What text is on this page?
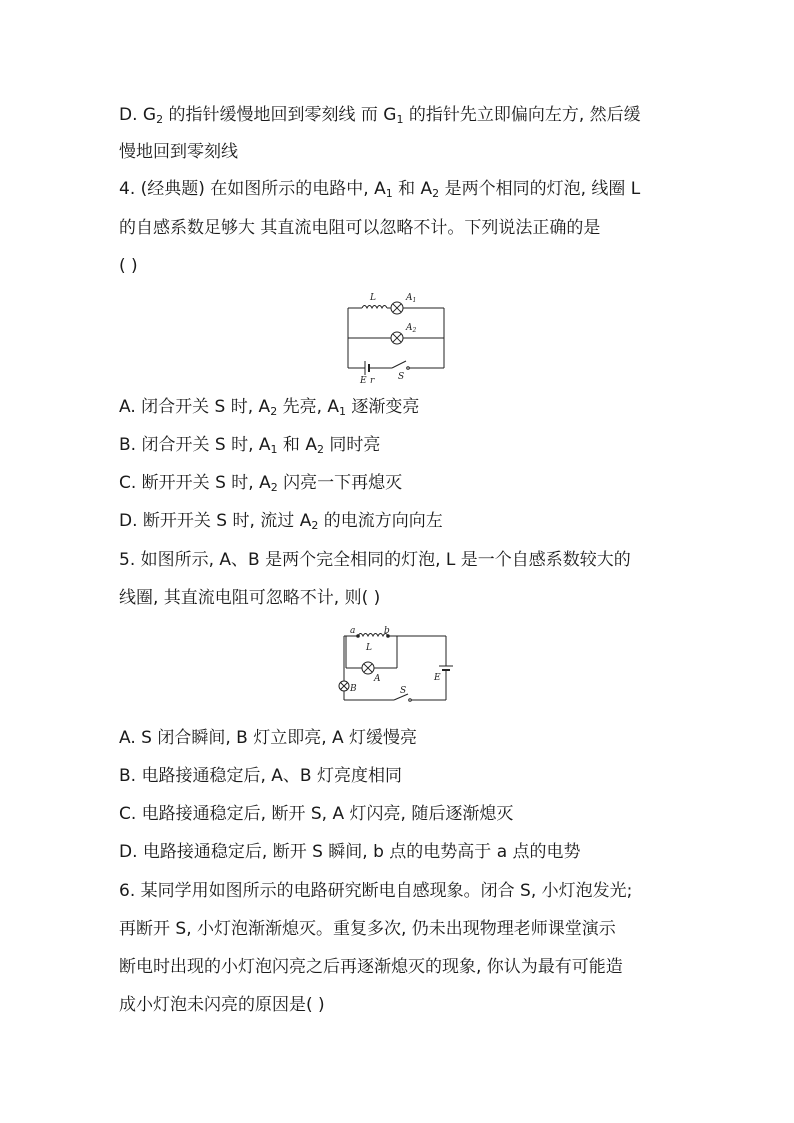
D. $G_2$ 的指针缓慢地回到零刻线 而 $G_1$ 的指针先立即偏向左方, 然后缓
慢地回到零刻线
4. (经典题) 在如图所示的电路中, $A_1$ 和 $A_2$ 是两个相同的灯泡, 线圈 L
的自感系数足够大 其直流电阻可以忽略不计。下列说法正确的是
( )
L	$A_1$
$A_2$
E r	S
A. 闭合开关 S 时, $A_2$ 先亮, $A_1$ 逐渐变亮
B. 闭合开关 S 时, $A_1$ 和 $A_2$ 同时亮
C. 断开开关 S 时, $A_2$ 闪亮一下再熄灭
D. 断开开关 S 时, 流过 $A_2$ 的电流方向向左
5. 如图所示, A、B 是两个完全相同的灯泡, L 是一个自感系数较大的
线圈, 其直流电阻可忽略不计, 则( )
a	b
L
A
B
E
S
A. S 闭合瞬间, B 灯立即亮, A 灯缓慢亮
B. 电路接通稳定后, A、B 灯亮度相同
C. 电路接通稳定后, 断开 S, A 灯闪亮, 随后逐渐熄灭
D. 电路接通稳定后, 断开 S 瞬间, b 点的电势高于 a 点的电势
6. 某同学用如图所示的电路研究断电自感现象。闭合 S, 小灯泡发光;
再断开 S, 小灯泡渐渐熄灭。重复多次, 仍未出现物理老师课堂演示
断电时出现的小灯泡闪亮之后再逐渐熄灭的现象, 你认为最有可能造
成小灯泡未闪亮的原因是( )
